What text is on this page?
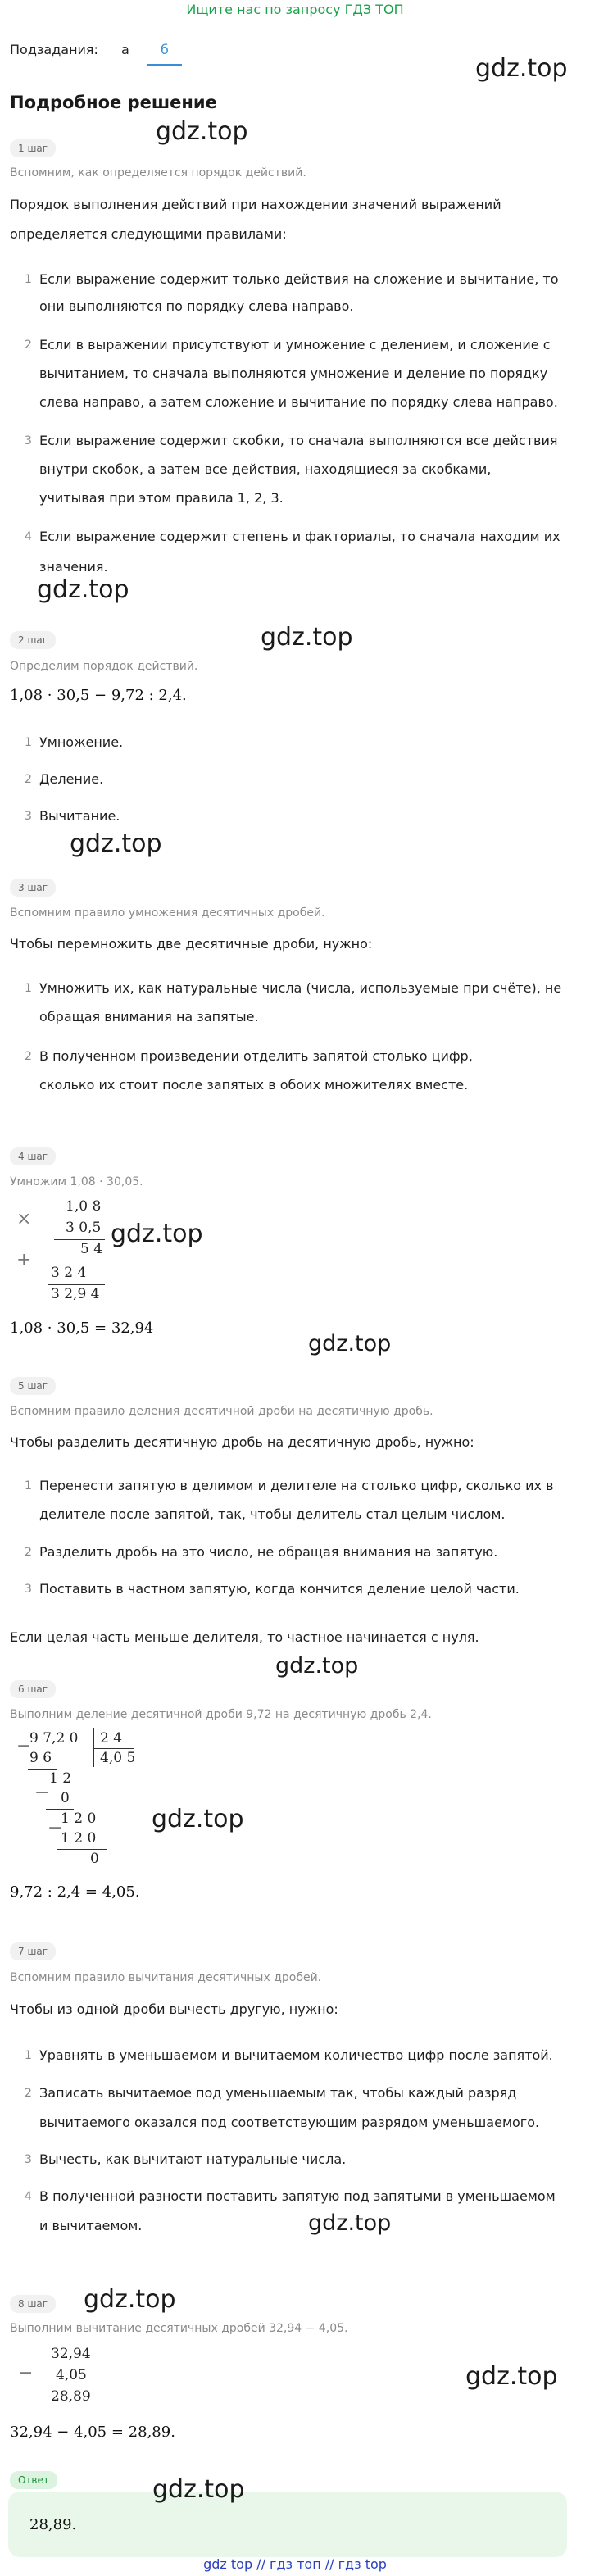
Ищите нас по запросу ГДЗ ТОП
Подзадания: а б
gdz.top
Подробное решение
gdz.top
1 шаг
Вспомним, как определяется порядок действий.
Порядок выполнения действий при нахождении значений выражений
определяется следующими правилами:
1 Если выражение содержит только действия на сложение и вычитание, то
они выполняются по порядку слева направо.
2 Если в выражении присутствуют и умножение с делением, и сложение с
вычитанием, то сначала выполняются умножение и деление по порядку
слева направо, а затем сложение и вычитание по порядку слева направо.
3 Если выражение содержит скобки, то сначала выполняются все действия
внутри скобок, а затем все действия, находящиеся за скобками,
учитывая при этом правила 1, 2, 3.
4 Если выражение содержит степень и факториалы, то сначала находим их
значения.
gdz.top
gdz.top
2 шаг
Определим порядок действий.
1,08 · 30,5 − 9,72 : 2,4.
1 Умножение.
2 Деление.
3 Вычитание.
gdz.top
3 шаг
Вспомним правило умножения десятичных дробей.
Чтобы перемножить две десятичные дроби, нужно:
1 Умножить их, как натуральные числа (числа, используемые при счёте), не
обращая внимания на запятые.
2 В полученном произведении отделить запятой столько цифр,
сколько их стоит после запятых в обоих множителях вместе.
4 шаг
Умножим 1,08 · 30,05.
×
+
1,0 8
3 0,5
5 4
3 2 4
3 2,9 4
gdz.top
1,08 · 30,5 = 32,94
gdz.top
5 шаг
Вспомним правило деления десятичной дроби на десятичную дробь.
Чтобы разделить десятичную дробь на десятичную дробь, нужно:
1 Перенести запятую в делимом и делителе на столько цифр, сколько их в
делителе после запятой, так, чтобы делитель стал целым числом.
2 Разделить дробь на это число, не обращая внимания на запятую.
3 Поставить в частном запятую, когда кончится деление целой части.
Если целая часть меньше делителя, то частное начинается с нуля.
gdz.top
6 шаг
Выполним деление десятичной дроби 9,72 на десятичную дробь 2,4.
−
9 7,2 0 2 4
4,0 5
9 6
1 2
− 0
−
1 2 0
1 2 0
0
gdz.top
9,72 : 2,4 = 4,05.
7 шаг
Вспомним правило вычитания десятичных дробей.
Чтобы из одной дроби вычесть другую, нужно:
1 Уравнять в уменьшаемом и вычитаемом количество цифр после запятой.
2 Записать вычитаемое под уменьшаемым так, чтобы каждый разряд
вычитаемого оказался под соответствующим разрядом уменьшаемого.
3 Вычесть, как вычитают натуральные числа.
4 В полученной разности поставить запятую под запятыми в уменьшаемом
и вычитаемом.	gdz.top
8 шаг	gdz.top
Выполним вычитание десятичных дробей 32,94 − 4,05.
−
32,94
4,05
28,89
gdz.top
32,94 − 4,05 = 28,89.
Ответ	gdz.top
28,89.
gdz top // гдз топ // гдз top
